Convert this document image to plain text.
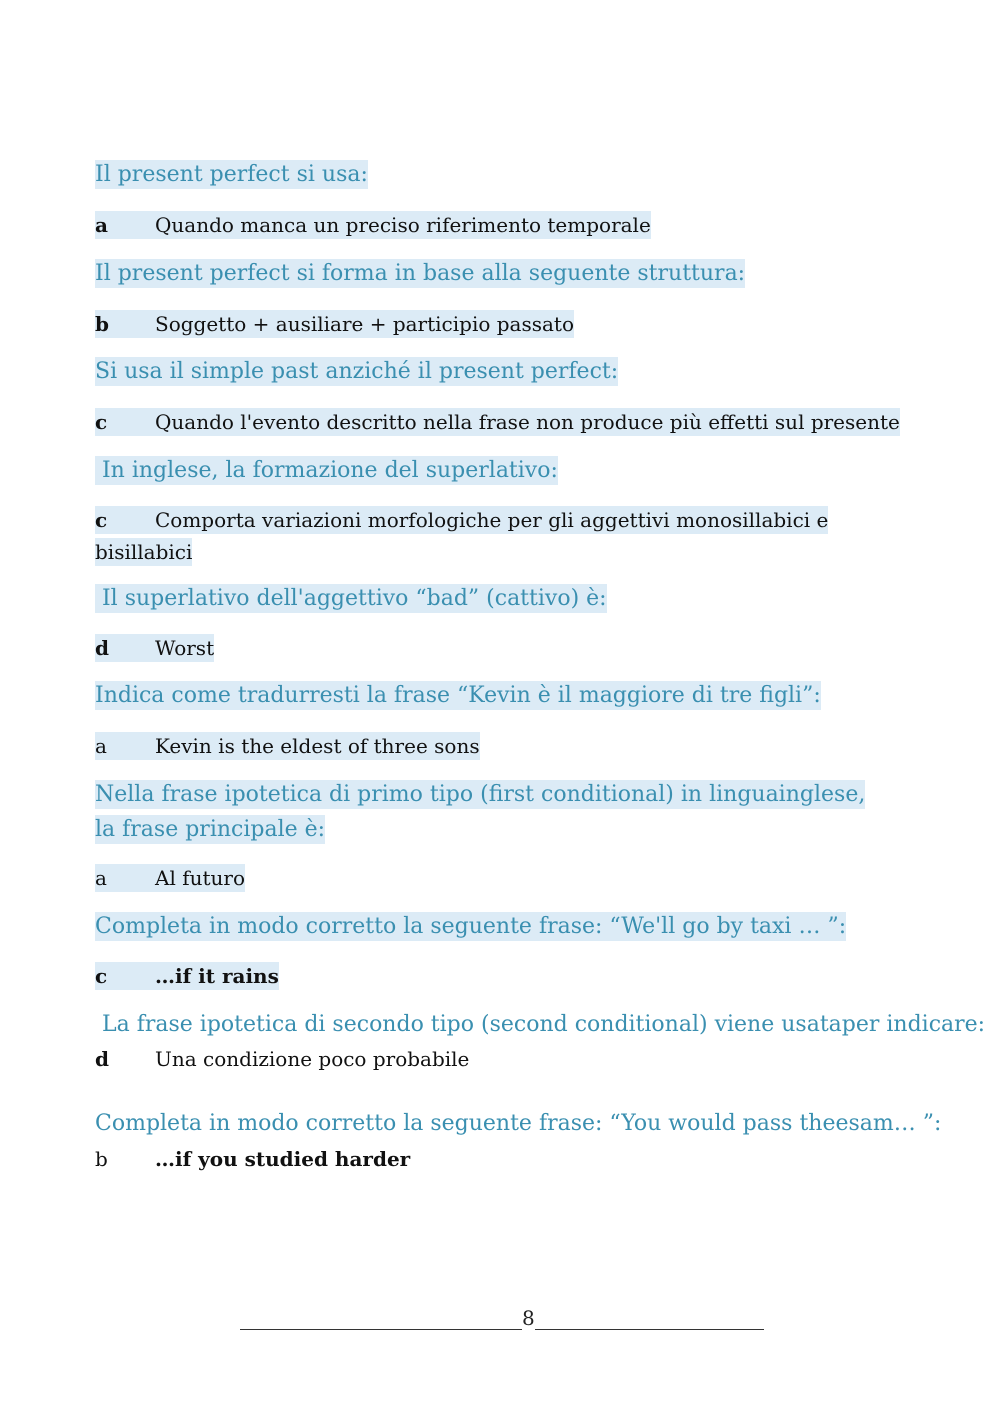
Il present perfect si usa:
a Quando manca un preciso riferimento temporale
Il present perfect si forma in base alla seguente struttura:
b Soggetto + ausiliare + participio passato
Si usa il simple past anziché il present perfect:
c Quando l'evento descritto nella frase non produce più effetti sul presente
In inglese, la formazione del superlativo:
c Comporta variazioni morfologiche per gli aggettivi monosillabici e
bisillabici
Il superlativo dell'aggettivo “bad” (cattivo) è:
d Worst
Indica come tradurresti la frase “Kevin è il maggiore di tre figli”:
a Kevin is the eldest of three sons
Nella frase ipotetica di primo tipo (first conditional) in linguainglese,
la frase principale è:
a Al futuro
Completa in modo corretto la seguente frase: “We'll go by taxi … ”:
c …if it rains
La frase ipotetica di secondo tipo (second conditional) viene usataper indicare:
d Una condizione poco probabile
Completa in modo corretto la seguente frase: “You would pass theesam… ”:
b …if you studied harder
8
